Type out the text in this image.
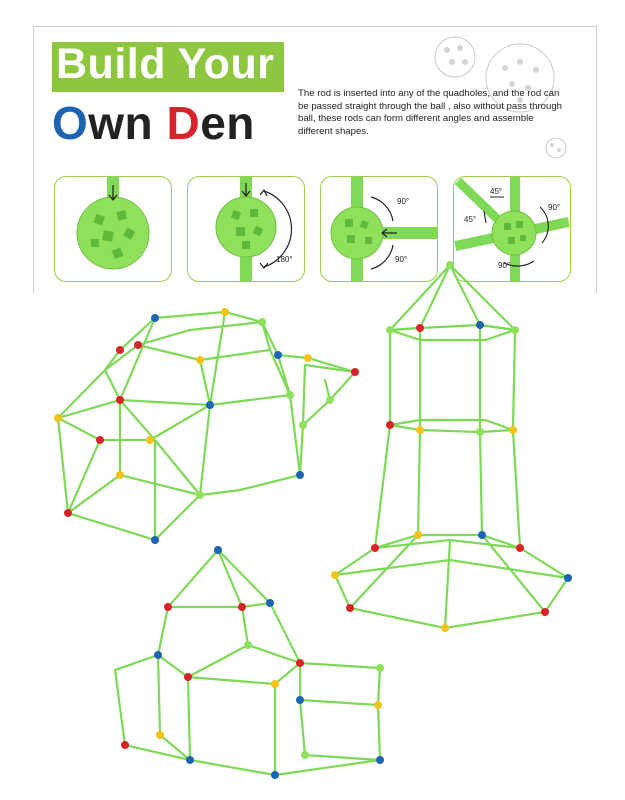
Build Your
Own Den
The rod is inserted into any of the quadholes, and the rod can be passed straight through the ball , also without pass through ball, these rods can form different angles and assemble different shapes.
180°
90°
90°
45°
45°
90°
90°
